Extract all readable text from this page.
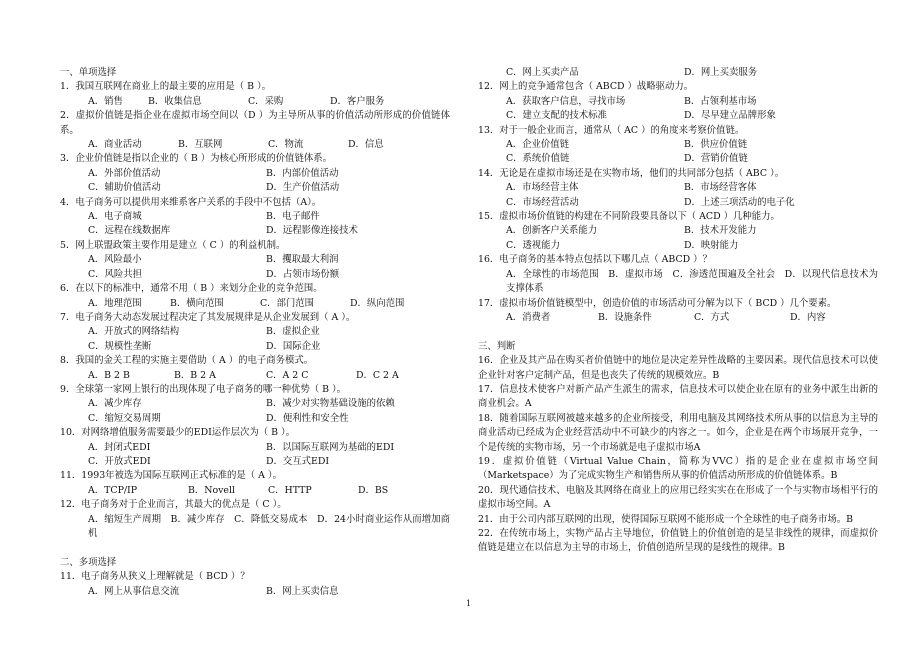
一、单项选择
1．我国互联网在商业上的最主要的应用是（ B ）。
A．销售	B．收集信息	C．采购	D．客户服务
2．虚拟价值链是指企业在虚拟市场空间以（D ）为主导所从事的价值活动所形成的价值链体系。
A．商业活动	B．互联网	C．物流	D．信息
3．企业价值链是指以企业的（ B ）为核心所形成的价值链体系。
A．外部价值活动	B．内部价值活动
C．辅助价值活动	D．生产价值活动
4．电子商务可以提供用来维系客户关系的手段中不包括（A）。
A．电子商城	B．电子邮件
C．远程在线数据库	D．远程影像连接技术
5．网上联盟政策主要作用是建立（ C ）的利益机制。
A．风险最小	B．攫取最大利润
C．风险共担	D．占领市场份额
6．在以下的标准中，通常不用（ B ）来划分企业的竞争范围。
A．地理范围	B．横向范围	C．部门范围	D．纵向范围
7．电子商务大动态发展过程决定了其发展规律是从企业发展到（ A ）。
A．开放式的网络结构	B．虚拟企业
C．规模性垄断	D．国际企业
8．我国的金关工程的实施主要借助（ A ）的电子商务模式。
A．B 2 B	B．B 2 A	C．A 2 C	D．C 2 A
9．全球第一家网上银行的出现体现了电子商务的哪一种优势（ B ）。
A．减少库存	B．减少对实物基础设施的依赖
C．缩短交易周期	D．便利性和安全性
10．对网络增值服务需要最少的EDI运作层次为（ B ）。
A．封闭式EDI	B．以国际互联网为基础的EDI
C．开放式EDI	D．交互式EDI
11．1993年被选为国际互联网正式标准的是（ A ）。
A．TCP/IP	B．Novell	C．HTTP	D．BS
12．电子商务对于企业而言，其最大的优点是（ C ）。
A．缩短生产周期　B．减少库存　C．降低交易成本　D．24小时商业运作从而增加商机
二、多项选择
11．电子商务从狭义上理解就是（ BCD ）？
A．网上从事信息交流	B．网上买卖信息
C．网上买卖产品	D．网上买卖服务
12．网上的竞争通常包含（ ABCD ）战略驱动力。
A．获取客户信息，寻找市场	B．占领利基市场
C．建立支配的技术标准	D．尽早建立品牌形象
13．对于一般企业而言，通常从（ AC ）的角度来考察价值链。
A．企业价值链	B．供应价值链
C．系统价值链	D．营销价值链
14．无论是在虚拟市场还是在实物市场，他们的共同部分包括（ ABC ）。
A．市场经营主体	B．市场经营客体
C．市场经营活动	D．上述三项活动的电子化
15．虚拟市场价值链的构建在不同阶段要具备以下（ ACD ）几种能力。
A．创新客户关系能力	B．技术开发能力
C．透视能力	D．映射能力
16．电子商务的基本特点包括以下哪几点（ ABCD ）？
A．全球性的市场范围　B．虚拟市场　C．渗透范围遍及全社会　D．以现代信息技术为支撑体系
17．虚拟市场价值链模型中，创造价值的市场活动可分解为以下（ BCD ）几个要素。
A．消费者	B．设施条件	C．方式	D．内容
三、判断
16．企业及其产品在购买者价值链中的地位是决定差异性战略的主要因素。现代信息技术可以使企业针对客户定制产品，但是也丧失了传统的规模效应。B
17．信息技术使客户对新产品产生派生的需求，信息技术可以使企业在原有的业务中派生出新的商业机会。A
18．随着国际互联网被越来越多的企业所接受，利用电脑及其网络技术所从事的以信息为主导的商业活动已经成为企业经营活动中不可缺少的内容之一。如今，企业是在两个市场展开竞争，一个是传统的实物市场，另一个市场就是电子虚拟市场A
19．虚拟价值链（Virtual Value Chain，简称为VVC）指的是企业在虚拟市场空间（Marketspace）为了完成实物生产和销售所从事的价值活动所形成的价值链体系。B
20．现代通信技术、电脑及其网络在商业上的应用已经实实在在形成了一个与实物市场相平行的虚拟市场空间。A
21．由于公司内部互联网的出现，使得国际互联网不能形成一个全球性的电子商务市场。B
22．在传统市场上，实物产品占主导地位，价值链上的价值创造的是呈非线性的规律，而虚拟价值链是建立在以信息为主导的市场上，价值创造所呈现的是线性的规律。B
1
